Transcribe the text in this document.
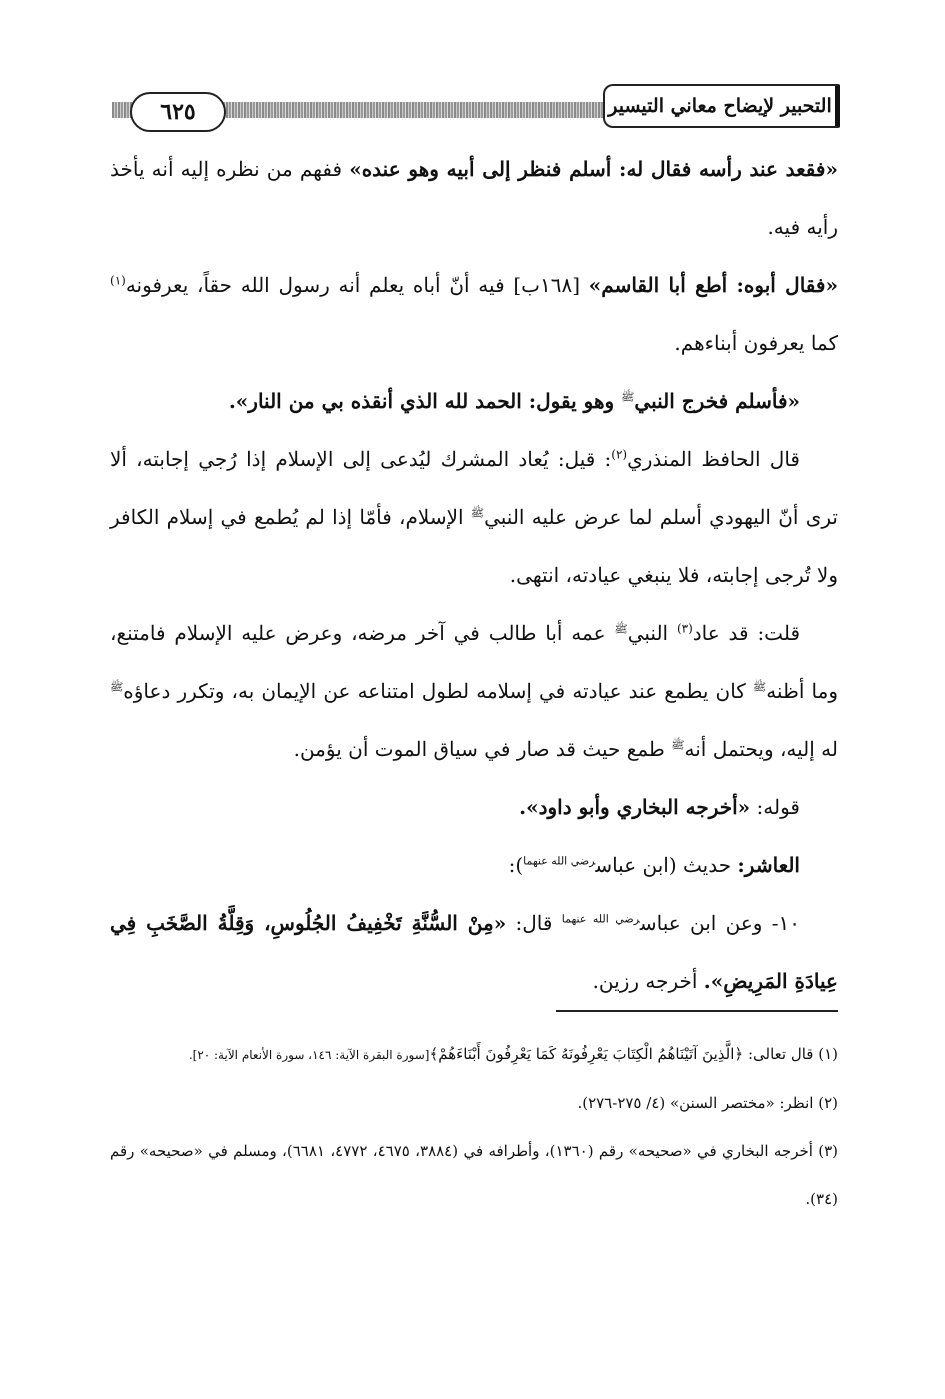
٦٢٥	التحبير لإيضاح معاني التيسير

«فقعد عند رأسه فقال له: أسلم فنظر إلى أبيه وهو عنده» ففهم من نظره إليه أنه يأخذ رأيه فيه.

«فقال أبوه: أطع أبا القاسم» [١٦٨ب] فيه أنّ أباه يعلم أنه رسول الله حقاً، يعرفونه$^{(١)}$ كما يعرفون أبناءهم.

«فأسلم فخرج النبي$^ﷺ$ وهو يقول: الحمد لله الذي أنقذه بي من النار».

قال الحافظ المنذري$^{(٢)}$: قيل: يُعاد المشرك ليُدعى إلى الإسلام إذا رُجي إجابته، ألا ترى أنّ اليهودي أسلم لما عرض عليه النبي$^ﷺ$ الإسلام، فأمّا إذا لم يُطمع في إسلام الكافر ولا تُرجى إجابته، فلا ينبغي عيادته، انتهى.

قلت: قد عاد$^{(٣)}$ النبي$^ﷺ$ عمه أبا طالب في آخر مرضه، وعرض عليه الإسلام فامتنع، وما أظنه$^ﷺ$ كان يطمع عند عيادته في إسلامه لطول امتناعه عن الإيمان به، وتكرر دعاؤه$^ﷺ$ له إليه، ويحتمل أنه$^ﷺ$ طمع حيث قد صار في سياق الموت أن يؤمن.

قوله: «أخرجه البخاري وأبو داود».

العاشر: حديث (ابن عباس$^{رضي الله عنهما}$):

١٠- وعن ابن عباس$^{رضي الله عنهما}$ قال: «مِنْ السُّنَّةِ تَخْفِيفُ الجُلُوسِ، وَقِلَّةُ الصَّخَبِ فِي عِيادَةِ المَرِيضِ». أخرجه رزين.

(١) قال تعالى: ﴿الَّذِينَ آتَيْنَاهُمُ الْكِتَابَ يَعْرِفُونَهُ كَمَا يَعْرِفُونَ أَبْنَاءَهُمْ﴾[سورة البقرة الآية: ١٤٦، سورة الأنعام الآية: ٢٠].

(٢) انظر: «مختصر السنن» (٤/ ٢٧٥-٢٧٦).

(٣) أخرجه البخاري في «صحيحه» رقم (١٣٦٠)، وأطرافه في (٣٨٨٤، ٤٦٧٥، ٤٧٧٢، ٦٦٨١)، ومسلم في «صحيحه» رقم (٣٤).
